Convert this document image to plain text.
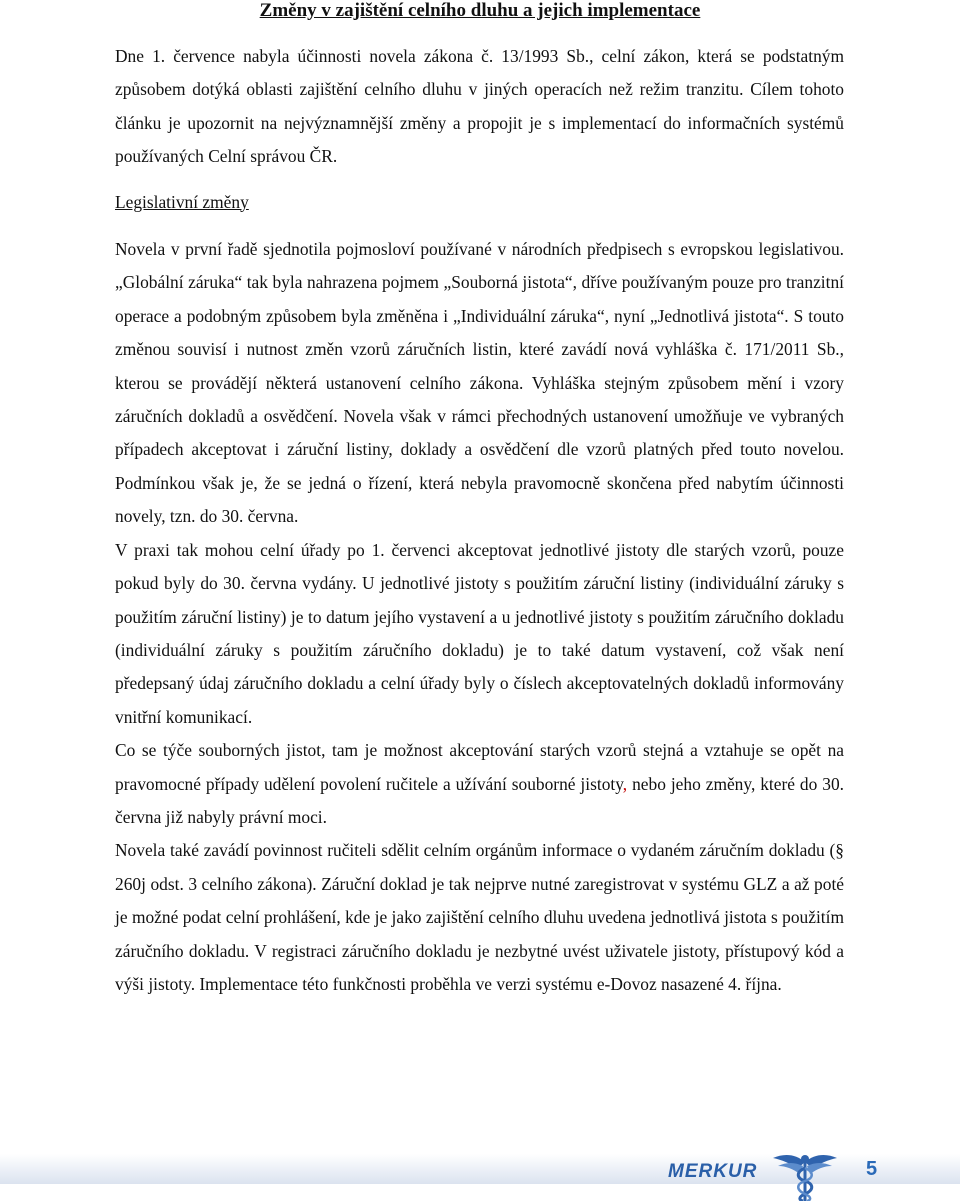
Změny v zajištění celního dluhu a jejich implementace

Dne 1. července nabyla účinnosti novela zákona č. 13/1993 Sb., celní zákon, která se podstatným způsobem dotýká oblasti zajištění celního dluhu v jiných operacích než režim tranzitu. Cílem tohoto článku je upozornit na nejvýznamnější změny a propojit je s implementací do informačních systémů používaných Celní správou ČR.

Legislativní změny

Novela v první řadě sjednotila pojmosloví používané v národních předpisech s evropskou legislativou. „Globální záruka“ tak byla nahrazena pojmem „Souborná jistota“, dříve používaným pouze pro tranzitní operace a podobným způsobem byla změněna i „Individuální záruka“, nyní „Jednotlivá jistota“. S touto změnou souvisí i nutnost změn vzorů záručních listin, které zavádí nová vyhláška č. 171/2011 Sb., kterou se provádějí některá ustanovení celního zákona. Vyhláška stejným způsobem mění i vzory záručních dokladů a osvědčení. Novela však v rámci přechodných ustanovení umožňuje ve vybraných případech akceptovat i záruční listiny, doklady a osvědčení dle vzorů platných před touto novelou. Podmínkou však je, že se jedná o řízení, která nebyla pravomocně skončena před nabytím účinnosti novely, tzn. do 30. června.

V praxi tak mohou celní úřady po 1. červenci akceptovat jednotlivé jistoty dle starých vzorů, pouze pokud byly do 30. června vydány. U jednotlivé jistoty s použitím záruční listiny (individuální záruky s použitím záruční listiny) je to datum jejího vystavení a u jednotlivé jistoty s použitím záručního dokladu (individuální záruky s použitím záručního dokladu) je to také datum vystavení, což však není předepsaný údaj záručního dokladu a celní úřady byly o číslech akceptovatelných dokladů informovány vnitřní komunikací.

Co se týče souborných jistot, tam je možnost akceptování starých vzorů stejná a vztahuje se opět na pravomocné případy udělení povolení ručitele a užívání souborné jistoty, nebo jeho změny, které do 30. června již nabyly právní moci.

Novela také zavádí povinnost ručiteli sdělit celním orgánům informace o vydaném záručním dokladu (§ 260j odst. 3 celního zákona). Záruční doklad je tak nejprve nutné zaregistrovat v systému GLZ a až poté je možné podat celní prohlášení, kde je jako zajištění celního dluhu uvedena jednotlivá jistota s použitím záručního dokladu. V registraci záručního dokladu je nezbytné uvést uživatele jistoty, přístupový kód a výši jistoty. Implementace této funkčnosti proběhla ve verzi systému e-Dovoz nasazené 4. října.

MERKUR	5
